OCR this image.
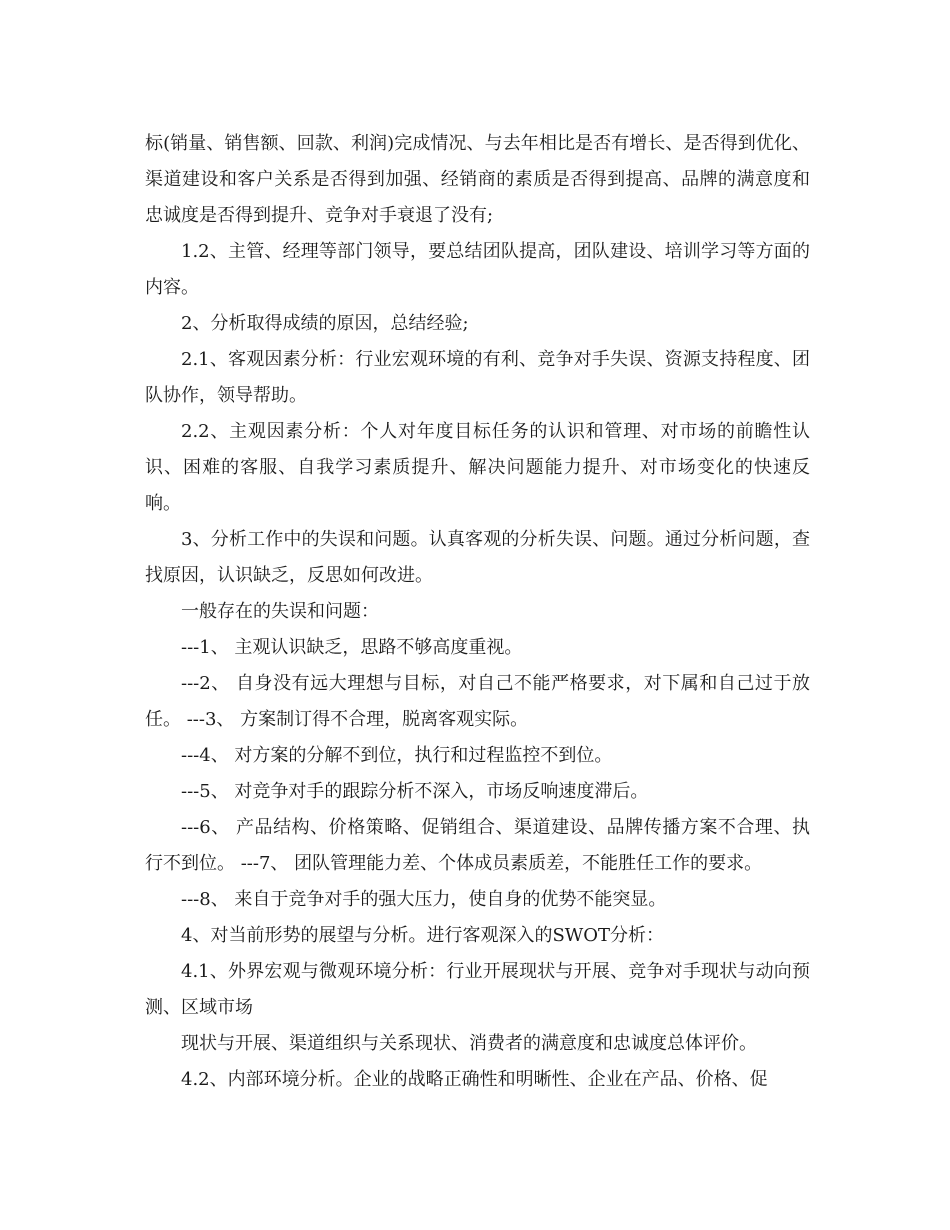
标(销量、销售额、回款、利润)完成情况、与去年相比是否有增长、是否得到优化、渠道建设和客户关系是否得到加强、经销商的素质是否得到提高、品牌的满意度和忠诚度是否得到提升、竞争对手衰退了没有;

1.2、主管、经理等部门领导，要总结团队提高，团队建设、培训学习等方面的内容。

2、分析取得成绩的原因，总结经验;

2.1、客观因素分析：行业宏观环境的有利、竞争对手失误、资源支持程度、团队协作，领导帮助。

2.2、主观因素分析：个人对年度目标任务的认识和管理、对市场的前瞻性认识、困难的客服、自我学习素质提升、解决问题能力提升、对市场变化的快速反响。

3、分析工作中的失误和问题。认真客观的分析失误、问题。通过分析问题，查找原因，认识缺乏，反思如何改进。

一般存在的失误和问题：

---1、 主观认识缺乏，思路不够高度重视。

---2、 自身没有远大理想与目标，对自己不能严格要求，对下属和自己过于放任。 ---3、 方案制订得不合理，脱离客观实际。

---4、 对方案的分解不到位，执行和过程监控不到位。

---5、 对竞争对手的跟踪分析不深入，市场反响速度滞后。

---6、 产品结构、价格策略、促销组合、渠道建设、品牌传播方案不合理、执行不到位。 ---7、 团队管理能力差、个体成员素质差，不能胜任工作的要求。

---8、 来自于竞争对手的强大压力，使自身的优势不能突显。

4、对当前形势的展望与分析。进行客观深入的SWOT分析：

4.1、外界宏观与微观环境分析：行业开展现状与开展、竞争对手现状与动向预测、区域市场

现状与开展、渠道组织与关系现状、消费者的满意度和忠诚度总体评价。

4.2、内部环境分析。企业的战略正确性和明晰性、企业在产品、价格、促
